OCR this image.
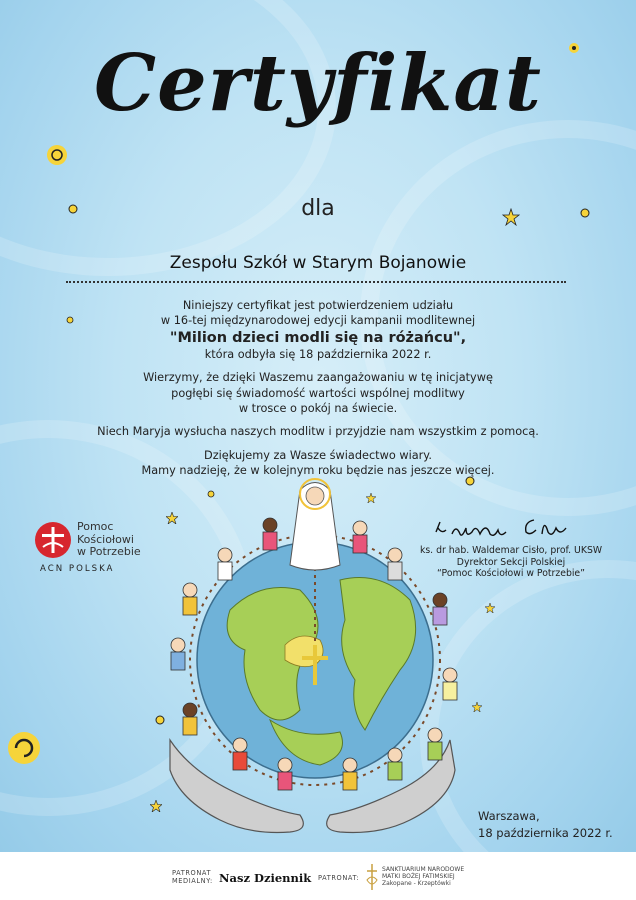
Certyfikat
dla
Zespołu Szkół w Starym Bojanowie

Niniejszy certyfikat jest potwierdzeniem udziału
w 16-tej międzynarodowej edycji kampanii modlitewnej
"Milion dzieci modli się na różańcu",
która odbyła się 18 października 2022 r.

Wierzymy, że dzięki Waszemu zaangażowaniu w tę inicjatywę
pogłębi się świadomość wartości wspólnej modlitwy
w trosce o pokój na świecie.

Niech Maryja wysłucha naszych modlitw i przyjdzie nam wszystkim z pomocą.

Dziękujemy za Wasze świadectwo wiary.
Mamy nadzieję, że w kolejnym roku będzie nas jeszcze więcej.

Pomoc
Kościołowi
w Potrzebie
ACN POLSKA
ks. dr hab. Waldemar Cisło, prof. UKSW
Dyrektor Sekcji Polskiej
“Pomoc Kościołowi w Potrzebie”
Warszawa,
18 października 2022 r.
PATRONAT
MEDIALNY: Nasz Dziennik PATRONAT:
SANKTUARIUM NARODOWE
MATKI BOŻEJ FATIMSKIEJ
Zakopane - Krzeptówki
